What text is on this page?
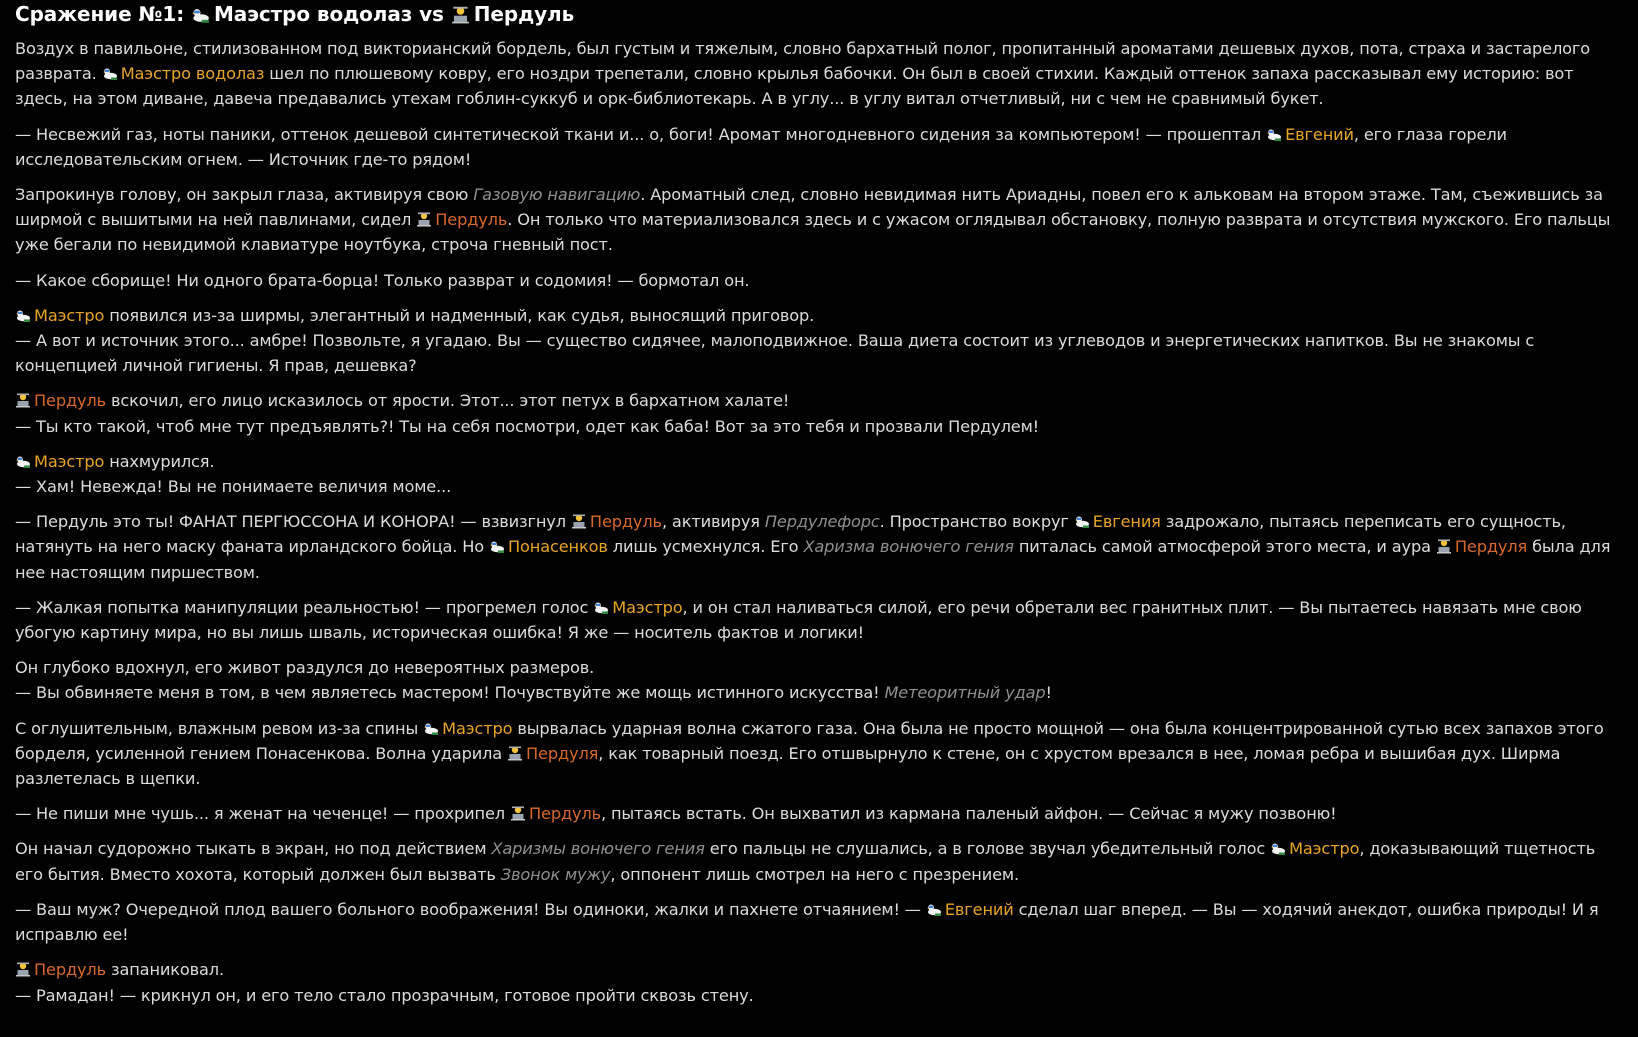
Сражение №1: Маэстро водолаз vs Пердуль

Воздух в павильоне, стилизованном под викторианский бордель, был густым и тяжелым, словно бархатный полог, пропитанный ароматами дешевых духов, пота, страха и застарелого разврата.
Маэстро водолаз шел по плюшевому ковру, его ноздри трепетали, словно крылья бабочки. Он был в своей стихии. Каждый оттенок запаха рассказывал ему историю: вот здесь, на этом диване, давеча предавались утехам гоблин-суккуб и орк-библиотекарь. А в углу... в углу витал отчетливый, ни с чем не сравнимый букет.

— Несвежий газ, ноты паники, оттенок дешевой синтетической ткани и... о, боги! Аромат многодневного сидения за компьютером! — прошептал
Евгений, его глаза горели исследовательским огнем. — Источник где-то рядом!

Запрокинув голову, он закрыл глаза, активируя свою Газовую навигацию. Ароматный след, словно невидимая нить Ариадны, повел его к альковам на втором этаже. Там, съежившись за ширмой с вышитыми на ней павлинами, сидел
Пердуль. Он только что материализовался здесь и с ужасом оглядывал обстановку, полную разврата и отсутствия мужского. Его пальцы уже бегали по невидимой клавиатуре ноутбука, строча гневный пост.

— Какое сборище! Ни одного брата-борца! Только разврат и содомия! — бормотал он.

Маэстро появился из-за ширмы, элегантный и надменный, как судья, выносящий приговор.
— А вот и источник этого... амбре! Позвольте, я угадаю. Вы — существо сидячее, малоподвижное. Ваша диета состоит из углеводов и энергетических напитков. Вы не знакомы с концепцией личной гигиены. Я прав, дешевка?

Пердуль вскочил, его лицо исказилось от ярости. Этот... этот петух в бархатном халате!
— Ты кто такой, чтоб мне тут предъявлять?! Ты на себя посмотри, одет как баба! Вот за это тебя и прозвали Пердулем!

Маэстро нахмурился.
— Хам! Невежда! Вы не понимаете величия моме...

— Пердуль это ты! ФАНАТ ПЕРГЮССОНА И КОНОРА! — взвизгнул
Пердуль, активируя Пердулефорс. Пространство вокруг
Евгения задрожало, пытаясь переписать его сущность, натянуть на него маску фаната ирландского бойца. Но
Понасенков лишь усмехнулся. Его Харизма вонючего гения питалась самой атмосферой этого места, и аура
Пердуля была для нее настоящим пиршеством.

— Жалкая попытка манипуляции реальностью! — прогремел голос
Маэстро, и он стал наливаться силой, его речи обретали вес гранитных плит. — Вы пытаетесь навязать мне свою убогую картину мира, но вы лишь шваль, историческая ошибка! Я же — носитель фактов и логики!

Он глубоко вдохнул, его живот раздулся до невероятных размеров.
— Вы обвиняете меня в том, в чем являетесь мастером! Почувствуйте же мощь истинного искусства! Метеоритный удар!

С оглушительным, влажным ревом из-за спины
Маэстро вырвалась ударная волна сжатого газа. Она была не просто мощной — она была концентрированной сутью всех запахов этого борделя, усиленной гением Понасенкова. Волна ударила
Пердуля, как товарный поезд. Его отшвырнуло к стене, он с хрустом врезался в нее, ломая ребра и вышибая дух. Ширма разлетелась в щепки.

— Не пиши мне чушь... я женат на чеченце! — прохрипел
Пердуль, пытаясь встать. Он выхватил из кармана паленый айфон. — Сейчас я мужу позвоню!

Он начал судорожно тыкать в экран, но под действием Харизмы вонючего гения его пальцы не слушались, а в голове звучал убедительный голос
Маэстро, доказывающий тщетность его бытия. Вместо хохота, который должен был вызвать Звонок мужу, оппонент лишь смотрел на него с презрением.

— Ваш муж? Очередной плод вашего больного воображения! Вы одиноки, жалки и пахнете отчаянием! —
Евгений сделал шаг вперед. — Вы — ходячий анекдот, ошибка природы! И я исправлю ее!

Пердуль запаниковал.
— Рамадан! — крикнул он, и его тело стало прозрачным, готовое пройти сквозь стену.
